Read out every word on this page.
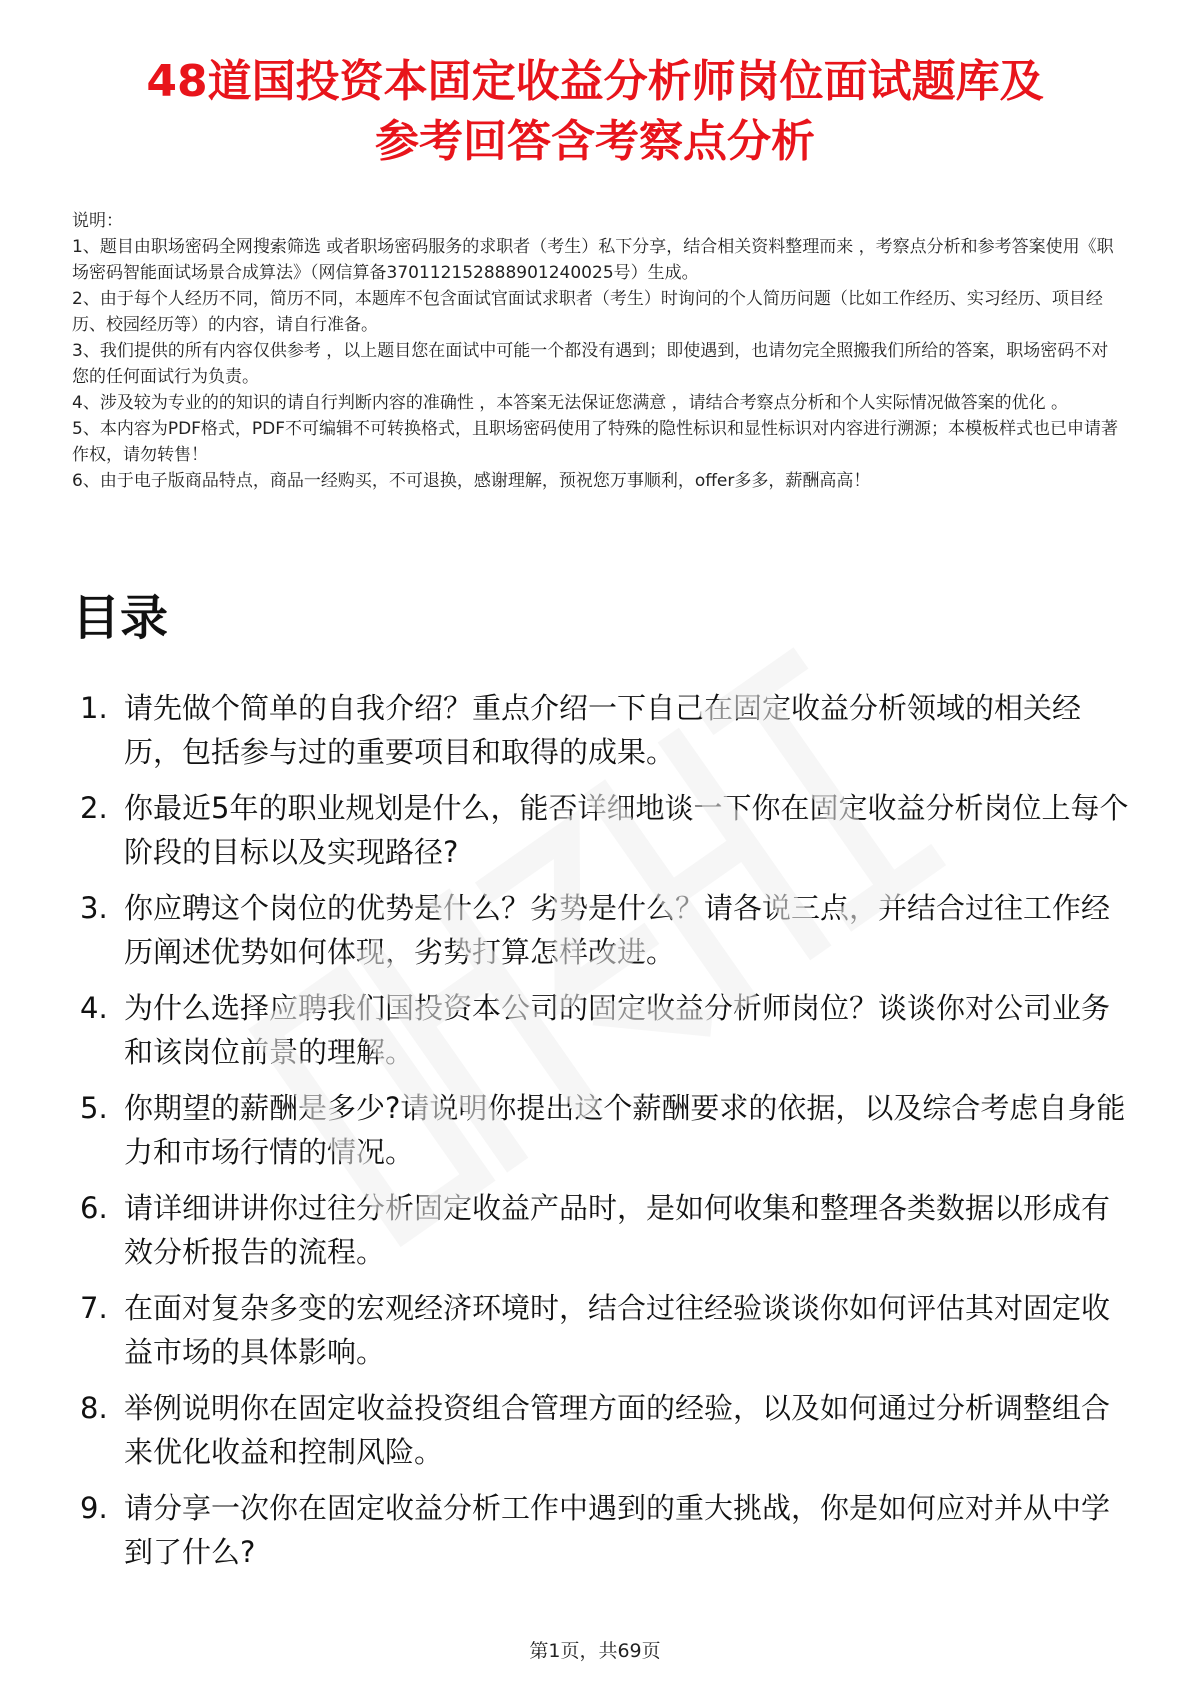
48道国投资本固定收益分析师岗位面试题库及
参考回答含考察点分析

说明：

1、题目由职场密码全网搜索筛选 或者职场密码服务的求职者（考生）私下分享，结合相关资料整理而来 ，考察点分析和参考答案使用《职场密码智能面试场景合成算法》（网信算备370112152888901240025号）生成。

2、由于每个人经历不同，简历不同，本题库不包含面试官面试求职者（考生）时询问的个人简历问题（比如工作经历、实习经历、项目经历、校园经历等）的内容，请自行准备。

3、我们提供的所有内容仅供参考 ，以上题目您在面试中可能一个都没有遇到；即使遇到，也请勿完全照搬我们所给的答案，职场密码不对您的任何面试行为负责。

4、涉及较为专业的的知识的请自行判断内容的准确性 ，本答案无法保证您满意 ，请结合考察点分析和个人实际情况做答案的优化 。

5、本内容为PDF格式，PDF不可编辑不可转换格式，且职场密码使用了特殊的隐性标识和显性标识对内容进行溯源；本模板样式也已申请著作权，请勿转售！

6、由于电子版商品特点，商品一经购买，不可退换，感谢理解，预祝您万事顺利，offer多多，薪酬高高！

目录
1. 请先做个简单的自我介绍？重点介绍一下自己在固定收益分析领域的相关经历，包括参与过的重要项目和取得的成果。
2. 你最近5年的职业规划是什么，能否详细地谈一下你在固定收益分析岗位上每个阶段的目标以及实现路径?
3. 你应聘这个岗位的优势是什么？劣势是什么？请各说三点，并结合过往工作经历阐述优势如何体现，劣势打算怎样改进。
4. 为什么选择应聘我们国投资本公司的固定收益分析师岗位？谈谈你对公司业务和该岗位前景的理解。
5. 你期望的薪酬是多少?请说明你提出这个薪酬要求的依据，以及综合考虑自身能力和市场行情的情况。
6. 请详细讲讲你过往分析固定收益产品时，是如何收集和整理各类数据以形成有效分析报告的流程。
7. 在面对复杂多变的宏观经济环境时，结合过往经验谈谈你如何评估其对固定收益市场的具体影响。
8. 举例说明你在固定收益投资组合管理方面的经验，以及如何通过分析调整组合来优化收益和控制风险。
9. 请分享一次你在固定收益分析工作中遇到的重大挑战，你是如何应对并从中学到了什么?
第1页，共69页
